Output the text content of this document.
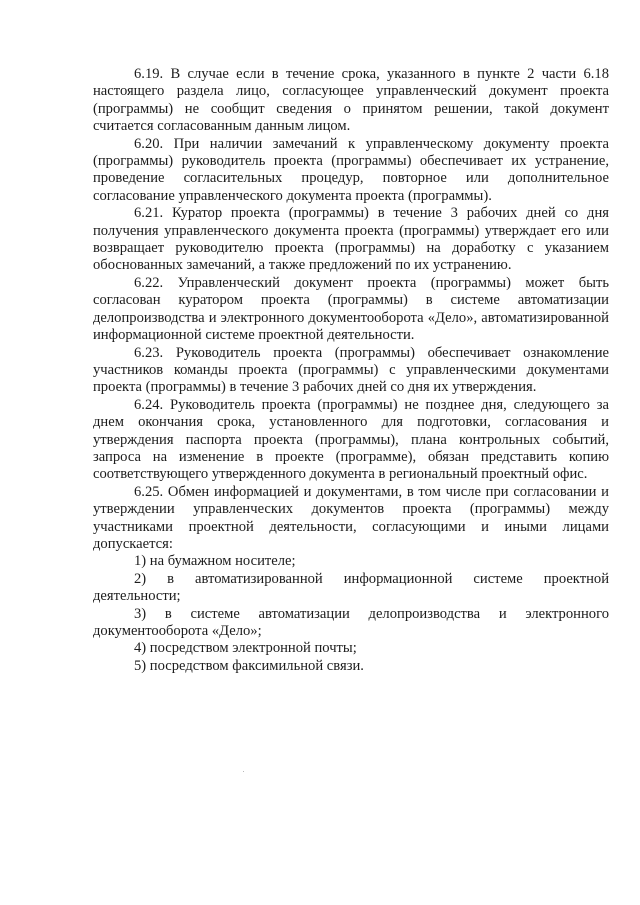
6.19. В случае если в течение срока, указанного в пункте 2 части 6.18 настоящего раздела лицо, согласующее управленческий документ проекта (программы) не сообщит сведения о принятом решении, такой документ считается согласованным данным лицом.

6.20. При наличии замечаний к управленческому документу проекта (программы) руководитель проекта (программы) обеспечивает их устранение, проведение согласительных процедур, повторное или дополнительное согласование управленческого документа проекта (программы).

6.21. Куратор проекта (программы) в течение 3 рабочих дней со дня получения управленческого документа проекта (программы) утверждает его или возвращает руководителю проекта (программы) на доработку с указанием обоснованных замечаний, а также предложений по их устранению.

6.22. Управленческий документ проекта (программы) может быть согласован куратором проекта (программы) в системе автоматизации делопроизводства и электронного документооборота «Дело», автоматизированной информационной системе проектной деятельности.

6.23. Руководитель проекта (программы) обеспечивает ознакомление участников команды проекта (программы) с управленческими документами проекта (программы) в течение 3 рабочих дней со дня их утверждения.

6.24. Руководитель проекта (программы) не позднее дня, следующего за днем окончания срока, установленного для подготовки, согласования и утверждения паспорта проекта (программы), плана контрольных событий, запроса на изменение в проекте (программе), обязан представить копию соответствующего утвержденного документа в региональный проектный офис.

6.25. Обмен информацией и документами, в том числе при согласовании и утверждении управленческих документов проекта (программы) между участниками проектной деятельности, согласующими и иными лицами допускается:

1) на бумажном носителе;

2) в автоматизированной информационной системе проектной деятельности;

3) в системе автоматизации делопроизводства и электронного документооборота «Дело»;

4) посредством электронной почты;

5) посредством факсимильной связи.
